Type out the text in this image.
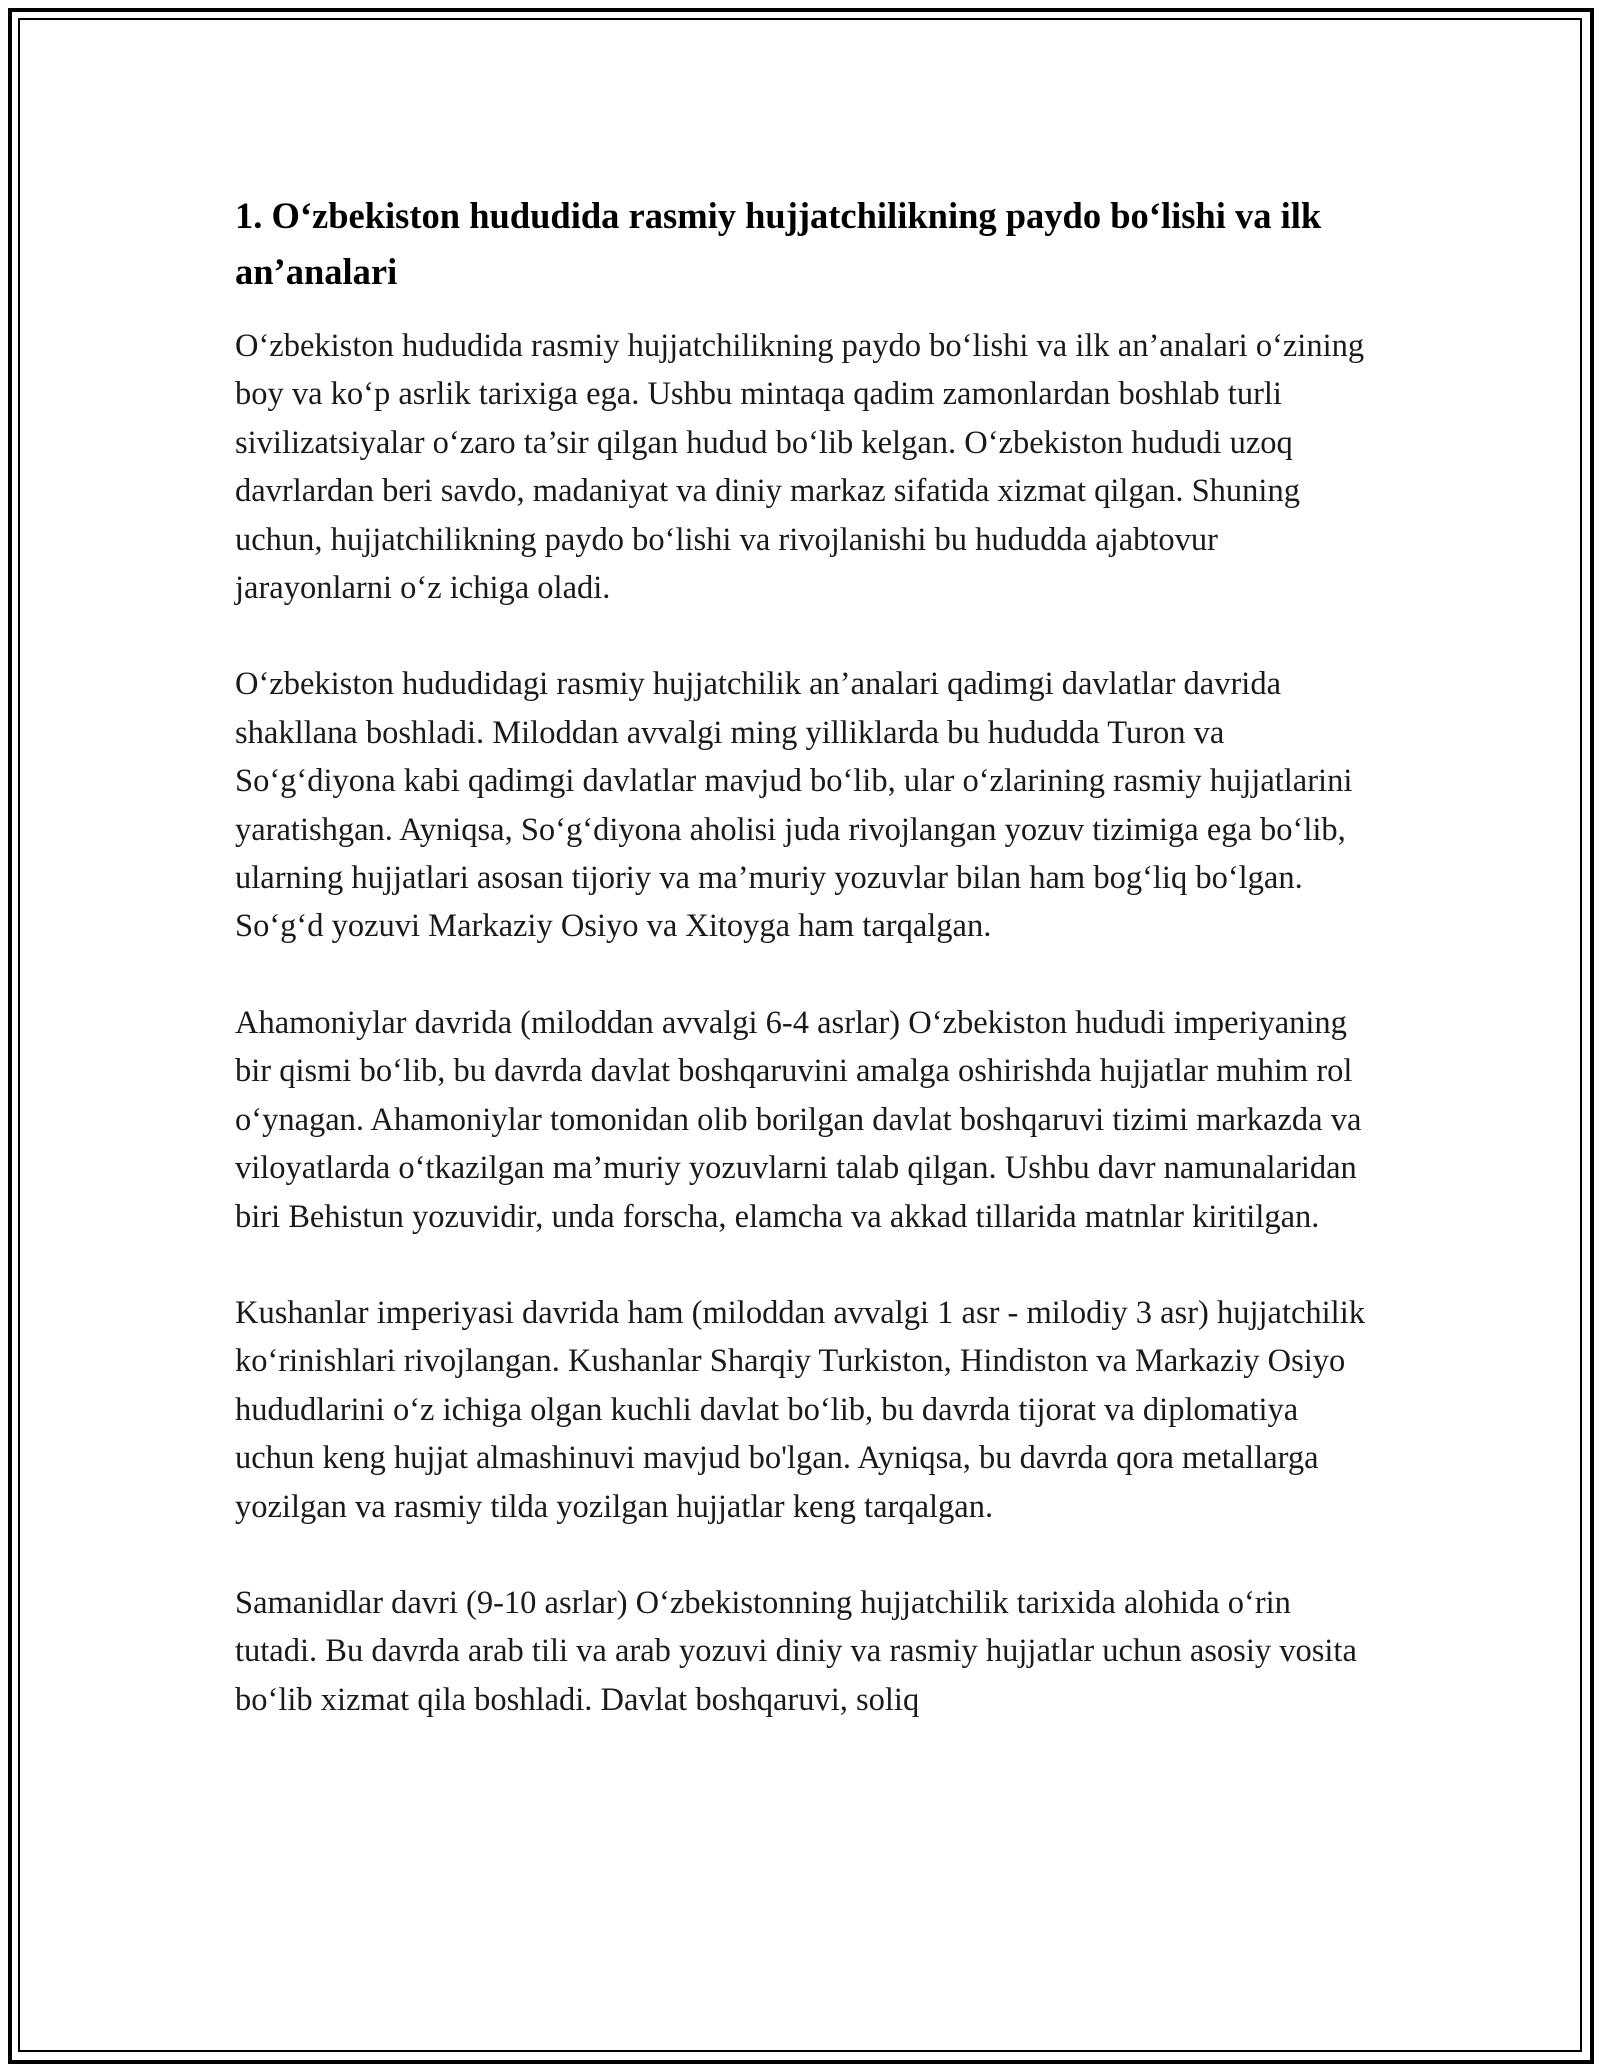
1. O‘zbekiston hududida rasmiy hujjatchilikning paydo bo‘lishi va ilk an’analari

O‘zbekiston hududida rasmiy hujjatchilikning paydo bo‘lishi va ilk an’analari o‘zining boy va ko‘p asrlik tarixiga ega. Ushbu mintaqa qadim zamonlardan boshlab turli sivilizatsiyalar o‘zaro ta’sir qilgan hudud bo‘lib kelgan. O‘zbekiston hududi uzoq davrlardan beri savdo, madaniyat va diniy markaz sifatida xizmat qilgan. Shuning uchun, hujjatchilikning paydo bo‘lishi va rivojlanishi bu hududda ajabtovur jarayonlarni o‘z ichiga oladi.

O‘zbekiston hududidagi rasmiy hujjatchilik an’analari qadimgi davlatlar davrida shakllana boshladi. Miloddan avvalgi ming yilliklarda bu hududda Turon va So‘g‘diyona kabi qadimgi davlatlar mavjud bo‘lib, ular o‘zlarining rasmiy hujjatlarini yaratishgan. Ayniqsa, So‘g‘diyona aholisi juda rivojlangan yozuv tizimiga ega bo‘lib, ularning hujjatlari asosan tijoriy va ma’muriy yozuvlar bilan ham bog‘liq bo‘lgan. So‘g‘d yozuvi Markaziy Osiyo va Xitoyga ham tarqalgan.

Ahamoniylar davrida (miloddan avvalgi 6-4 asrlar) O‘zbekiston hududi imperiyaning bir qismi bo‘lib, bu davrda davlat boshqaruvini amalga oshirishda hujjatlar muhim rol o‘ynagan. Ahamoniylar tomonidan olib borilgan davlat boshqaruvi tizimi markazda va viloyatlarda o‘tkazilgan ma’muriy yozuvlarni talab qilgan. Ushbu davr namunalaridan biri Behistun yozuvidir, unda forscha, elamcha va akkad tillarida matnlar kiritilgan.

Kushanlar imperiyasi davrida ham (miloddan avvalgi 1 asr - milodiy 3 asr) hujjatchilik ko‘rinishlari rivojlangan. Kushanlar Sharqiy Turkiston, Hindiston va Markaziy Osiyo hududlarini o‘z ichiga olgan kuchli davlat bo‘lib, bu davrda tijorat va diplomatiya uchun keng hujjat almashinuvi mavjud bo'lgan. Ayniqsa, bu davrda qora metallarga yozilgan va rasmiy tilda yozilgan hujjatlar keng tarqalgan.

Samanidlar davri (9-10 asrlar) O‘zbekistonning hujjatchilik tarixida alohida o‘rin tutadi. Bu davrda arab tili va arab yozuvi diniy va rasmiy hujjatlar uchun asosiy vosita bo‘lib xizmat qila boshladi. Davlat boshqaruvi, soliq
